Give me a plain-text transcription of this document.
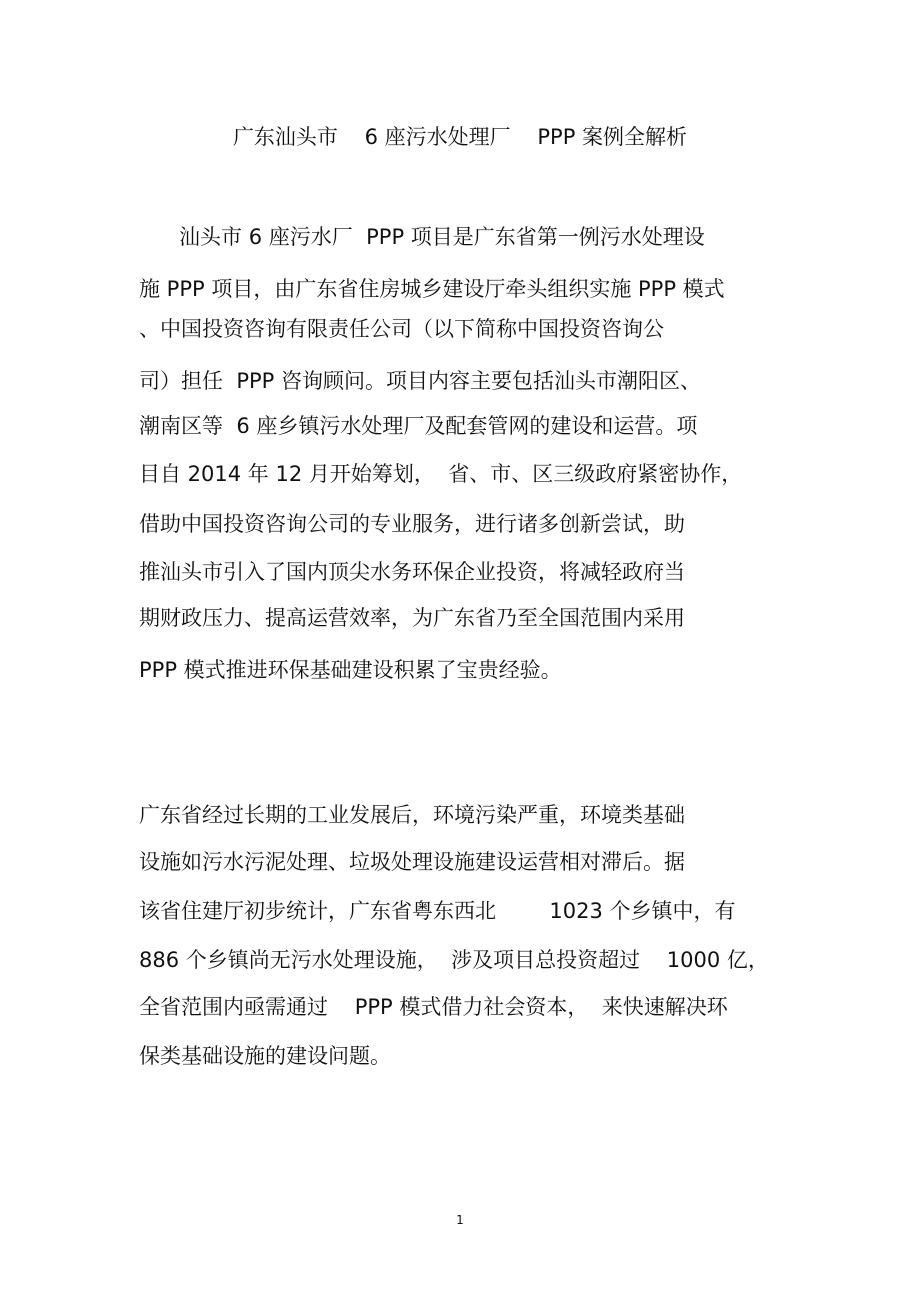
广东汕头市    6 座污水处理厂    PPP 案例全解析
汕头市 6 座污水厂  PPP 项目是广东省第一例污水处理设
施 PPP 项目，由广东省住房城乡建设厅牵头组织实施 PPP 模式
、中国投资咨询有限责任公司（以下简称中国投资咨询公
司）担任  PPP 咨询顾问。项目内容主要包括汕头市潮阳区、
潮南区等  6 座乡镇污水处理厂及配套管网的建设和运营。项
目自 2014 年 12 月开始筹划，  省、市、区三级政府紧密协作，
借助中国投资咨询公司的专业服务，进行诸多创新尝试，助
推汕头市引入了国内顶尖水务环保企业投资，将减轻政府当
期财政压力、提高运营效率，为广东省乃至全国范围内采用
PPP 模式推进环保基础建设积累了宝贵经验。
广东省经过长期的工业发展后，环境污染严重，环境类基础
设施如污水污泥处理、垃圾处理设施建设运营相对滞后。据
该省住建厅初步统计，广东省粤东西北        1023 个乡镇中，有
886 个乡镇尚无污水处理设施，  涉及项目总投资超过    1000 亿，
全省范围内亟需通过    PPP 模式借力社会资本，  来快速解决环
保类基础设施的建设问题。
1
